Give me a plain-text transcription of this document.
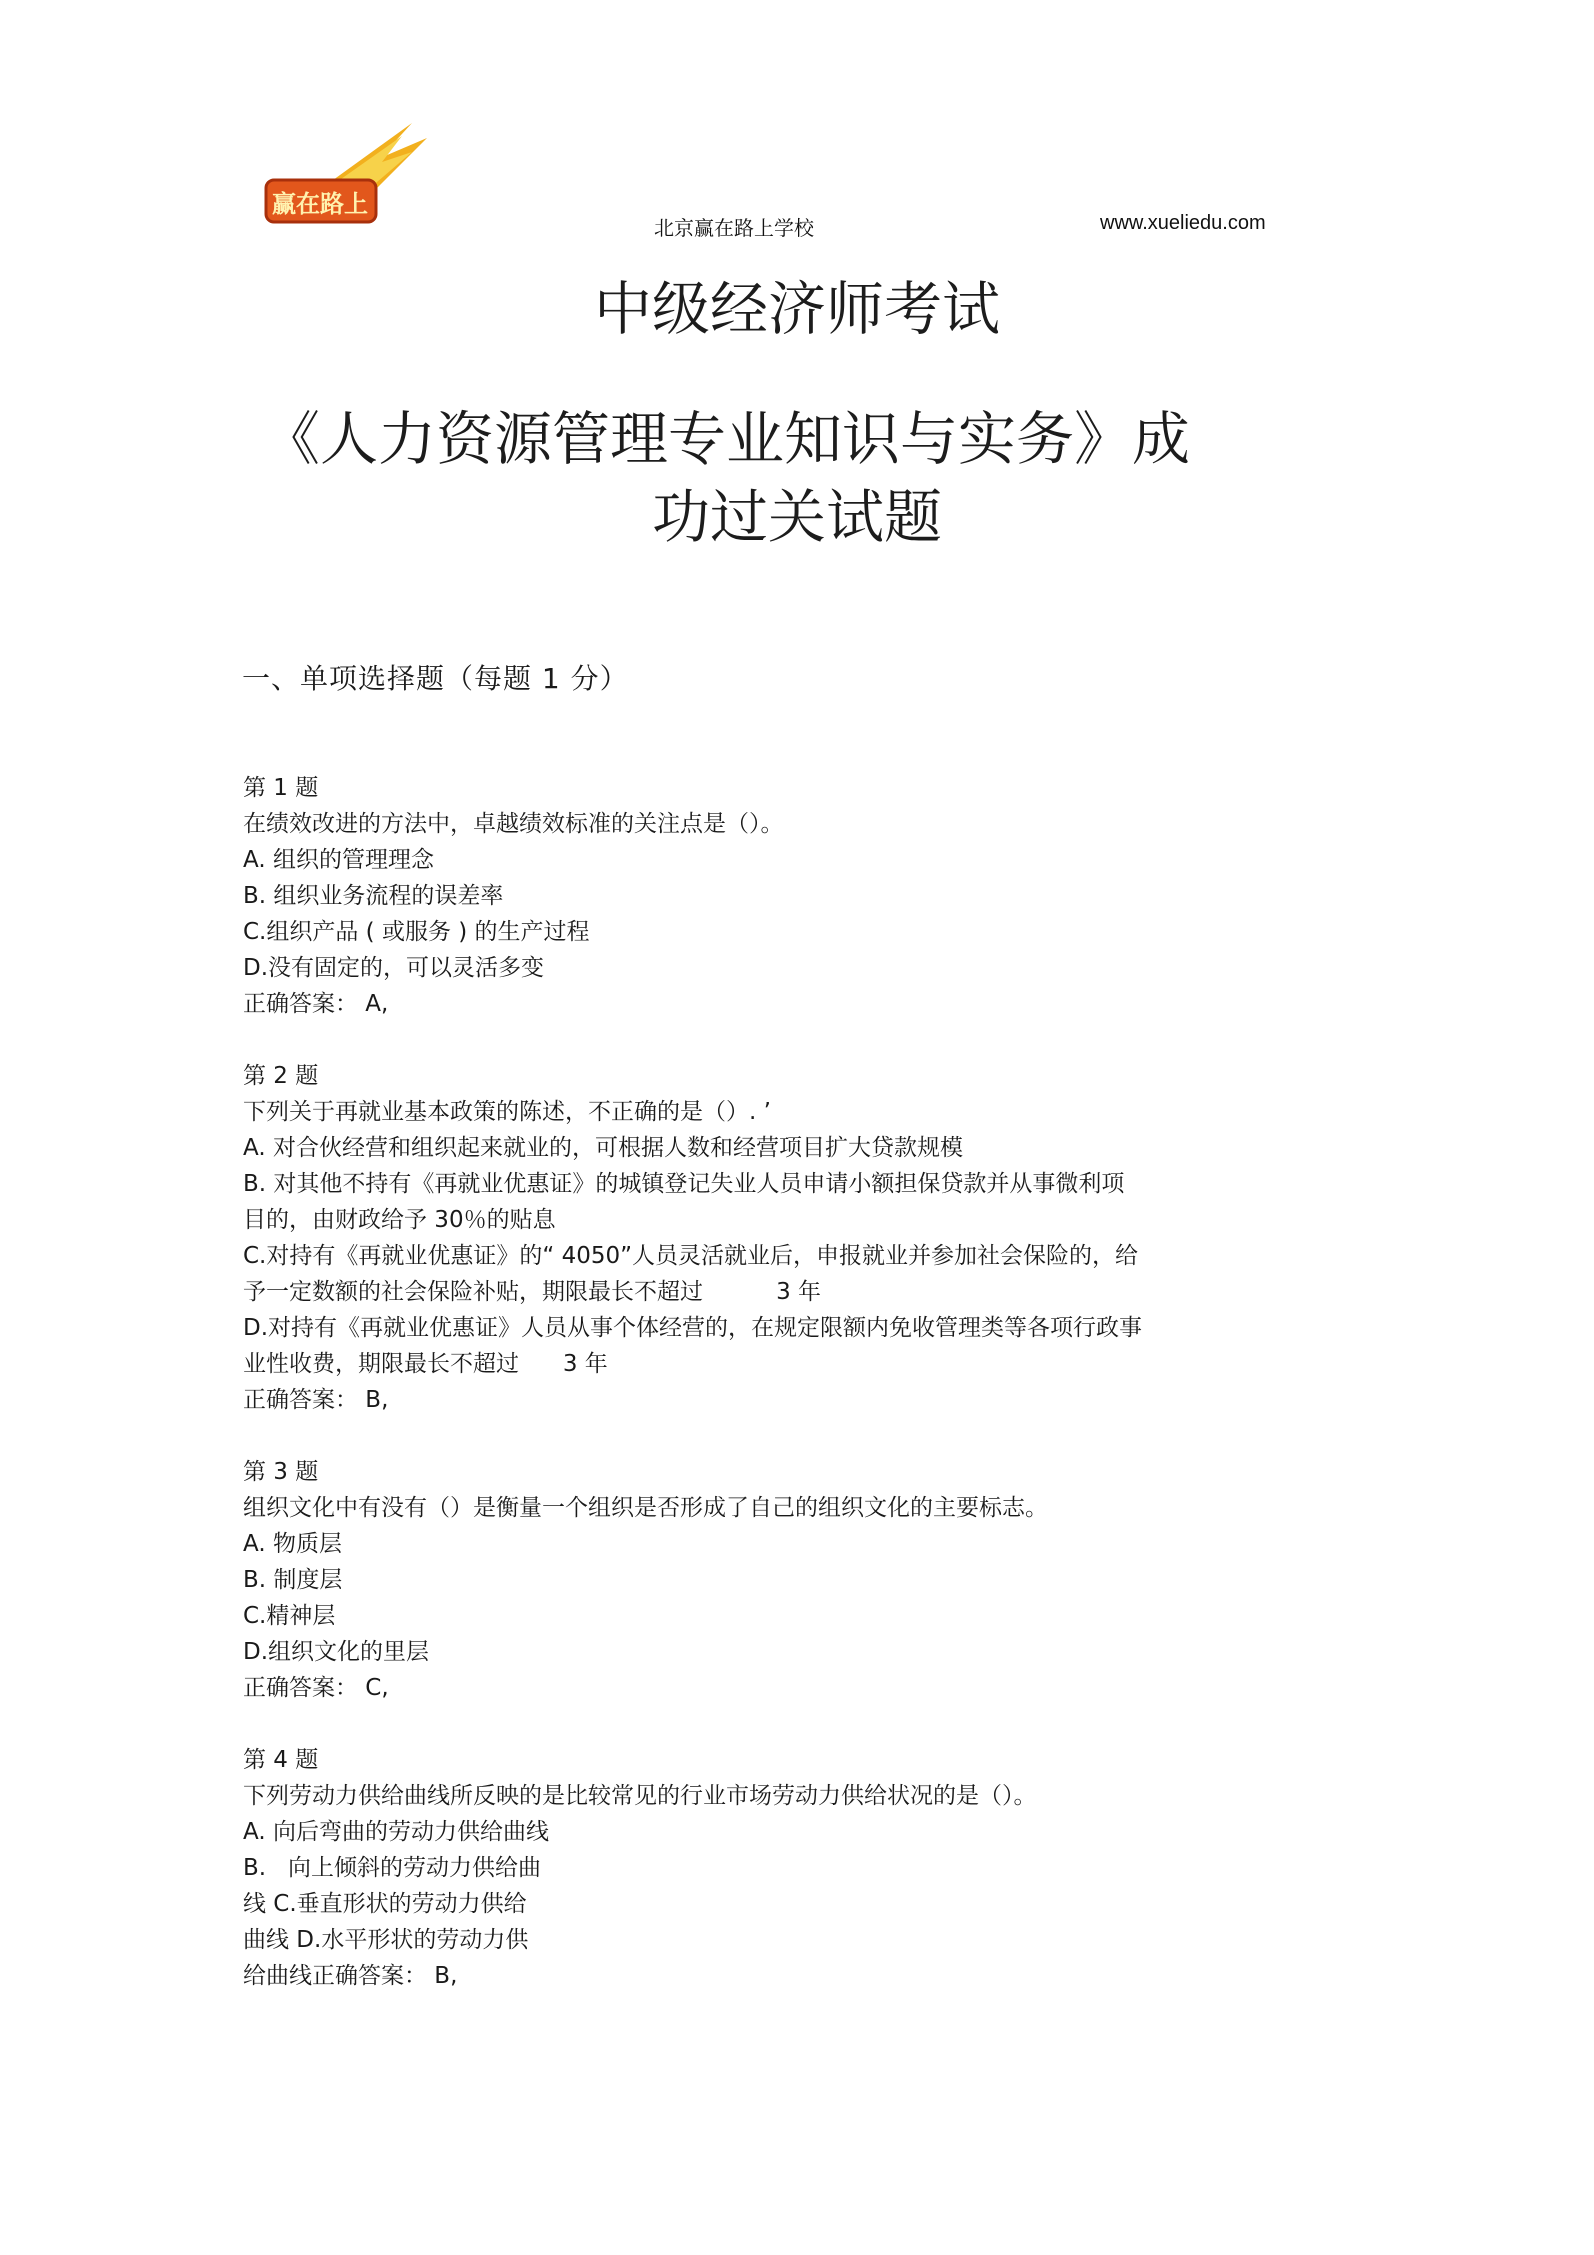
赢在路上
北京赢在路上学校	www.xueliedu.com
中级经济师考试
《人力资源管理专业知识与实务》成
功过关试题
一、单项选择题（每题 1 分）
第 1 题
在绩效改进的方法中，卓越绩效标准的关注点是（）。
A. 组织的管理理念
B. 组织业务流程的误差率
C.组织产品 ( 或服务 ) 的生产过程
D.没有固定的，可以灵活多变
正确答案： A,
第 2 题
下列关于再就业基本政策的陈述，不正确的是（）. ’
A. 对合伙经营和组织起来就业的，可根据人数和经营项目扩大贷款规模
B. 对其他不持有《再就业优惠证》的城镇登记失业人员申请小额担保贷款并从事微利项
目的，由财政给予 30％的贴息
C.对持有《再就业优惠证》的“ 4050”人员灵活就业后，申报就业并参加社会保险的，给
予一定数额的社会保险补贴，期限最长不超过          3 年
D.对持有《再就业优惠证》人员从事个体经营的，在规定限额内免收管理类等各项行政事
业性收费，期限最长不超过      3 年
正确答案： B,
第 3 题
组织文化中有没有（）是衡量一个组织是否形成了自己的组织文化的主要标志。
A. 物质层
B. 制度层
C.精神层
D.组织文化的里层
正确答案： C,
第 4 题
下列劳动力供给曲线所反映的是比较常见的行业市场劳动力供给状况的是（）。
A. 向后弯曲的劳动力供给曲线
B.   向上倾斜的劳动力供给曲
线 C.垂直形状的劳动力供给
曲线 D.水平形状的劳动力供
给曲线正确答案： B,
